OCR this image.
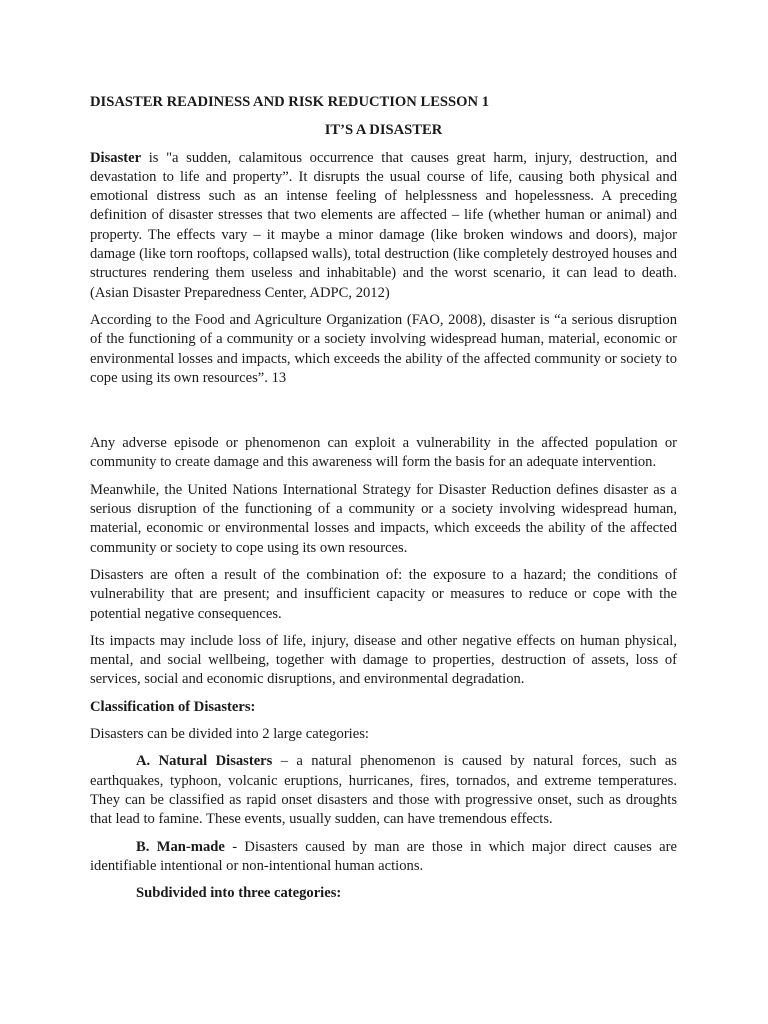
DISASTER READINESS AND RISK REDUCTION LESSON 1
IT’S A DISASTER

Disaster is "a sudden, calamitous occurrence that causes great harm, injury, destruction, and devastation to life and property”. It disrupts the usual course of life, causing both physical and emotional distress such as an intense feeling of helplessness and hopelessness. A preceding definition of disaster stresses that two elements are affected – life (whether human or animal) and property. The effects vary – it maybe a minor damage (like broken windows and doors), major damage (like torn rooftops, collapsed walls), total destruction (like completely destroyed houses and structures rendering them useless and inhabitable) and the worst scenario, it can lead to death. (Asian Disaster Preparedness Center, ADPC, 2012)

According to the Food and Agriculture Organization (FAO, 2008), disaster is “a serious disruption of the functioning of a community or a society involving widespread human, material, economic or environmental losses and impacts, which exceeds the ability of the affected community or society to cope using its own resources”. 13

Any adverse episode or phenomenon can exploit a vulnerability in the affected population or community to create damage and this awareness will form the basis for an adequate intervention.

Meanwhile, the United Nations International Strategy for Disaster Reduction defines disaster as a serious disruption of the functioning of a community or a society involving widespread human, material, economic or environmental losses and impacts, which exceeds the ability of the affected community or society to cope using its own resources.

Disasters are often a result of the combination of: the exposure to a hazard; the conditions of vulnerability that are present; and insufficient capacity or measures to reduce or cope with the potential negative consequences.

Its impacts may include loss of life, injury, disease and other negative effects on human physical, mental, and social wellbeing, together with damage to properties, destruction of assets, loss of services, social and economic disruptions, and environmental degradation.

Classification of Disasters:

Disasters can be divided into 2 large categories:

A. Natural Disasters – a natural phenomenon is caused by natural forces, such as earthquakes, typhoon, volcanic eruptions, hurricanes, fires, tornados, and extreme temperatures. They can be classified as rapid onset disasters and those with progressive onset, such as droughts that lead to famine. These events, usually sudden, can have tremendous effects.

B. Man-made - Disasters caused by man are those in which major direct causes are identifiable intentional or non-intentional human actions.

Subdivided into three categories:
